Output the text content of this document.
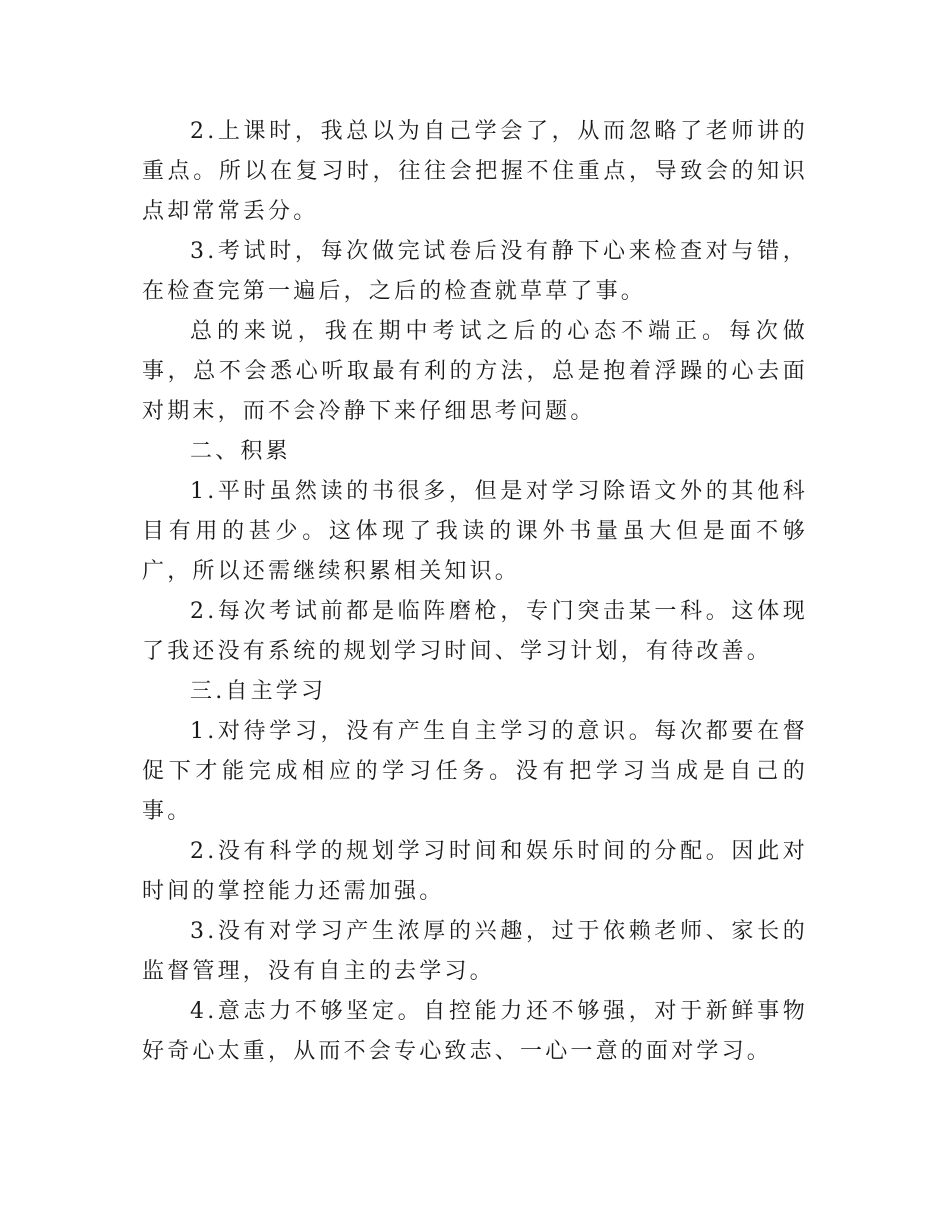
2.上课时，我总以为自己学会了，从而忽略了老师讲的重点。所以在复习时，往往会把握不住重点，导致会的知识点却常常丢分。

3.考试时，每次做完试卷后没有静下心来检查对与错，在检查完第一遍后，之后的检查就草草了事。

总的来说，我在期中考试之后的心态不端正。每次做事，总不会悉心听取最有利的方法，总是抱着浮躁的心去面对期末，而不会冷静下来仔细思考问题。

二、积累

1.平时虽然读的书很多，但是对学习除语文外的其他科目有用的甚少。这体现了我读的课外书量虽大但是面不够广，所以还需继续积累相关知识。

2.每次考试前都是临阵磨枪，专门突击某一科。这体现了我还没有系统的规划学习时间、学习计划，有待改善。

三.自主学习

1.对待学习，没有产生自主学习的意识。每次都要在督促下才能完成相应的学习任务。没有把学习当成是自己的事。

2.没有科学的规划学习时间和娱乐时间的分配。因此对时间的掌控能力还需加强。

3.没有对学习产生浓厚的兴趣，过于依赖老师、家长的监督管理，没有自主的去学习。

4.意志力不够坚定。自控能力还不够强，对于新鲜事物好奇心太重，从而不会专心致志、一心一意的面对学习。
